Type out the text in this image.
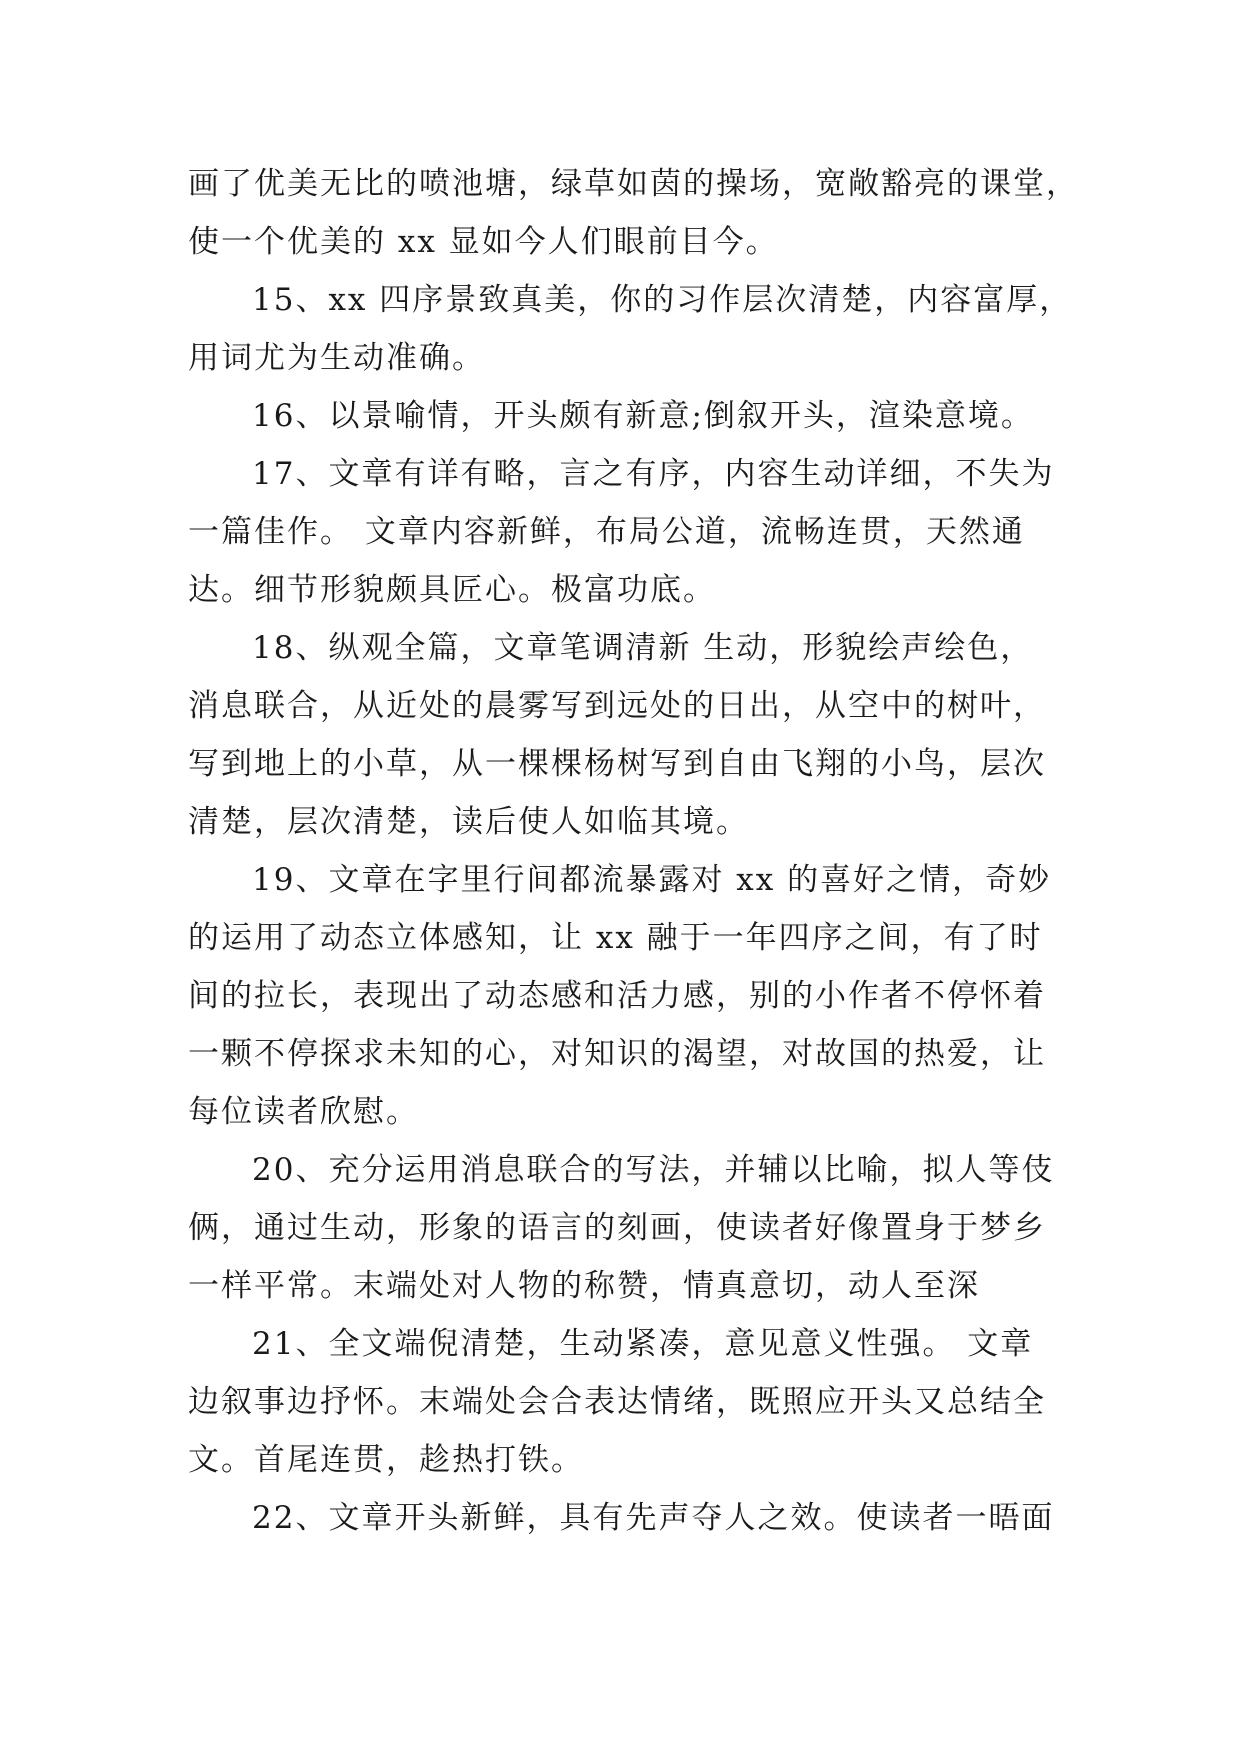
画了优美无比的喷池塘，绿草如茵的操场，宽敞豁亮的课堂，
使一个优美的 xx 显如今人们眼前目今。
15、xx 四序景致真美，你的习作层次清楚，内容富厚，
用词尤为生动准确。
16、以景喻情，开头颇有新意;倒叙开头，渲染意境。
17、文章有详有略，言之有序，内容生动详细，不失为
一篇佳作。 文章内容新鲜，布局公道，流畅连贯，天然通
达。细节形貌颇具匠心。极富功底。
18、纵观全篇，文章笔调清新 生动，形貌绘声绘色，
消息联合，从近处的晨雾写到远处的日出，从空中的树叶，
写到地上的小草，从一棵棵杨树写到自由飞翔的小鸟，层次
清楚，层次清楚，读后使人如临其境。
19、文章在字里行间都流暴露对 xx 的喜好之情，奇妙
的运用了动态立体感知，让 xx 融于一年四序之间，有了时
间的拉长，表现出了动态感和活力感，别的小作者不停怀着
一颗不停探求未知的心，对知识的渴望，对故国的热爱，让
每位读者欣慰。
20、充分运用消息联合的写法，并辅以比喻，拟人等伎
俩，通过生动，形象的语言的刻画，使读者好像置身于梦乡
一样平常。末端处对人物的称赞，情真意切，动人至深
21、全文端倪清楚，生动紧凑，意见意义性强。 文章
边叙事边抒怀。末端处会合表达情绪，既照应开头又总结全
文。首尾连贯，趁热打铁。
22、文章开头新鲜，具有先声夺人之效。使读者一晤面
